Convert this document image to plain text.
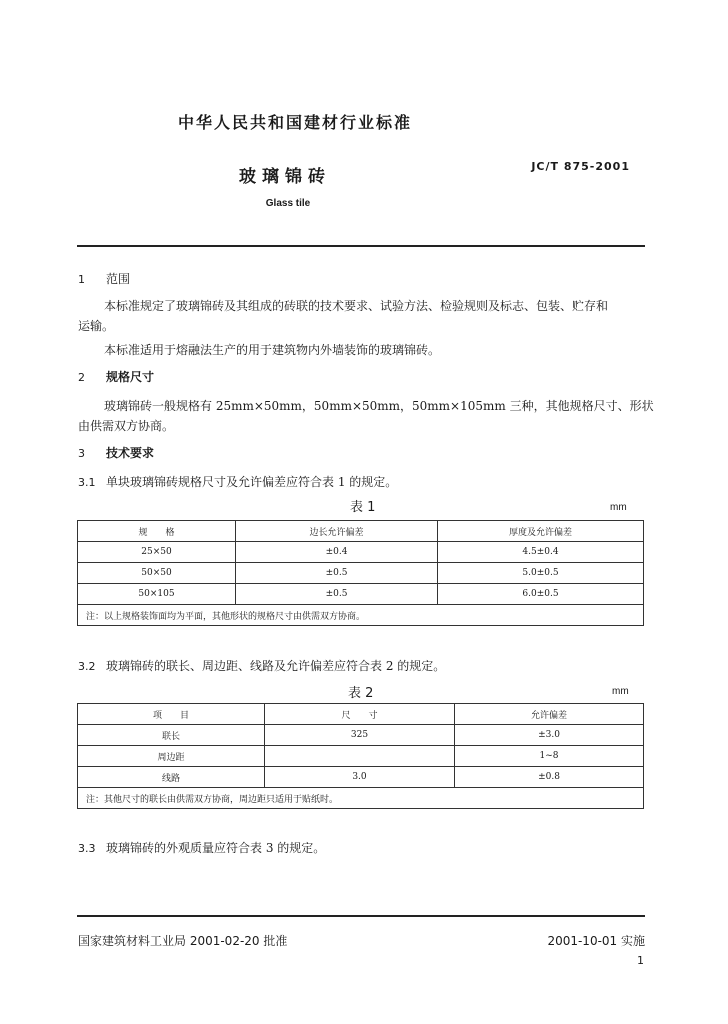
中华人民共和国建材行业标准
玻璃锦砖
JC/T 875-2001
Glass tile
1 范围
本标准规定了玻璃锦砖及其组成的砖联的技术要求、试验方法、检验规则及标志、包装、贮存和
运输。
本标准适用于熔融法生产的用于建筑物内外墙装饰的玻璃锦砖。
2 规格尺寸
玻璃锦砖一般规格有 25mm×50mm，50mm×50mm，50mm×105mm 三种，其他规格尺寸、形状
由供需双方协商。
3 技术要求
3.1 单块玻璃锦砖规格尺寸及允许偏差应符合表 1 的规定。
表 1	mm
规　　格	边长允许偏差	厚度及允许偏差
25×50	±0.4	4.5±0.4
50×50	±0.5	5.0±0.5
50×105	±0.5	6.0±0.5
注：以上规格装饰面均为平面，其他形状的规格尺寸由供需双方协商。		
3.2 玻璃锦砖的联长、周边距、线路及允许偏差应符合表 2 的规定。
表 2	mm
项　　目	尺　　寸	允许偏差
联长	325	±3.0
周边距		1~8
线路	3.0	±0.8
注：其他尺寸的联长由供需双方协商，周边距只适用于贴纸时。		
3.3 玻璃锦砖的外观质量应符合表 3 的规定。
国家建筑材料工业局 2001-02-20 批准	2001-10-01 实施
1
